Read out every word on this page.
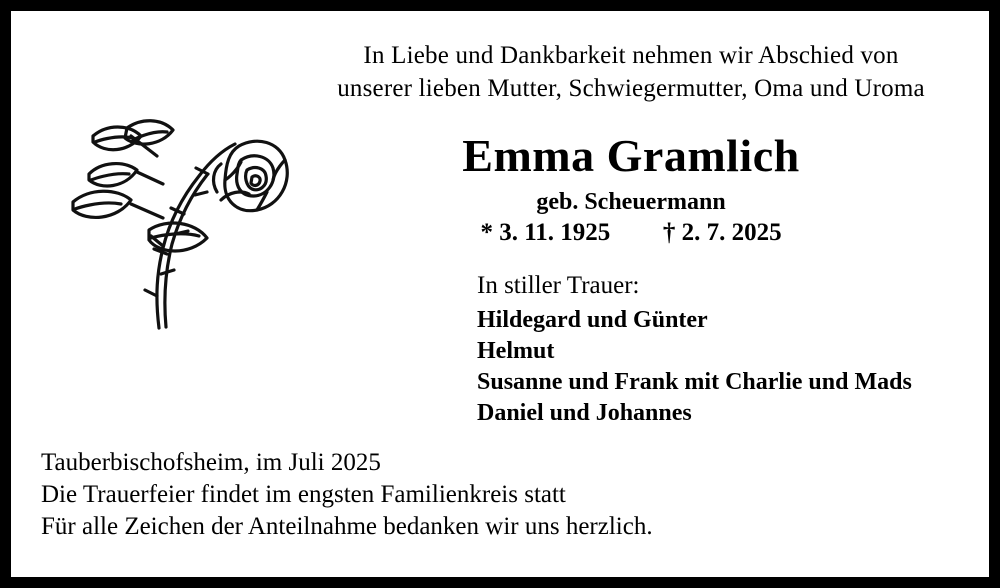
In Liebe und Dankbarkeit nehmen wir Abschied von
unserer lieben Mutter, Schwiegermutter, Oma und Uroma
Emma Gramlich
geb. Scheuermann
* 3. 11. 1925 † 2. 7. 2025
In stiller Trauer:
Hildegard und Günter
Helmut
Susanne und Frank mit Charlie und Mads
Daniel und Johannes
Tauberbischofsheim, im Juli 2025
Die Trauerfeier findet im engsten Familienkreis statt
Für alle Zeichen der Anteilnahme bedanken wir uns herzlich.
